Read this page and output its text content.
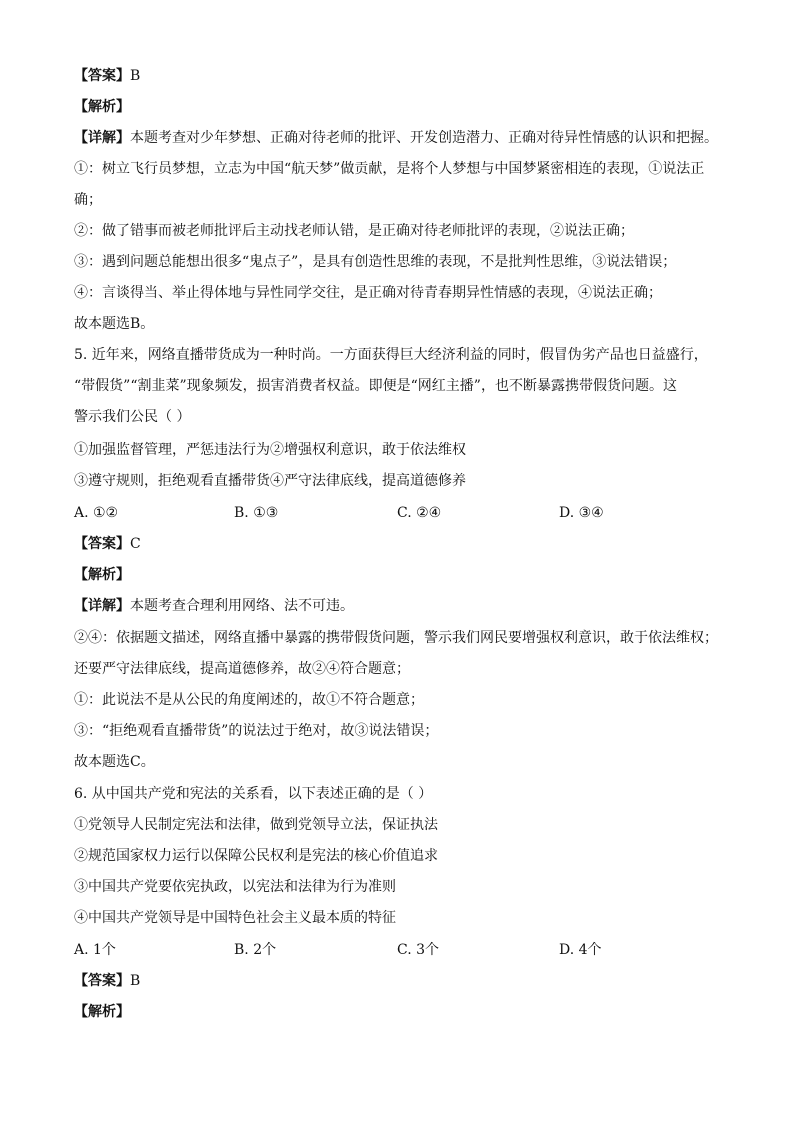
【答案】B
【解析】
【详解】本题考查对少年梦想、正确对待老师的批评、开发创造潜力、正确对待异性情感的认识和把握。
①：树立飞行员梦想，立志为中国“航天梦”做贡献，是将个人梦想与中国梦紧密相连的表现，①说法正
确；
②：做了错事而被老师批评后主动找老师认错，是正确对待老师批评的表现，②说法正确；
③：遇到问题总能想出很多“鬼点子”，是具有创造性思维的表现，不是批判性思维，③说法错误；
④：言谈得当、举止得体地与异性同学交往，是正确对待青春期异性情感的表现，④说法正确；
故本题选B。
5. 近年来，网络直播带货成为一种时尚。一方面获得巨大经济利益的同时，假冒伪劣产品也日益盛行，
“带假货”“割韭菜”现象频发，损害消费者权益。即便是“网红主播”，也不断暴露携带假货问题。这
警示我们公民（ ）
①加强监督管理，严惩违法行为②增强权利意识，敢于依法维权
③遵守规则，拒绝观看直播带货④严守法律底线，提高道德修养
A. ①②	B. ①③	C. ②④	D. ③④
【答案】C
【解析】
【详解】本题考查合理利用网络、法不可违。
②④：依据题文描述，网络直播中暴露的携带假货问题，警示我们网民要增强权利意识，敢于依法维权；
还要严守法律底线，提高道德修养，故②④符合题意；
①：此说法不是从公民的角度阐述的，故①不符合题意；
③：“拒绝观看直播带货”的说法过于绝对，故③说法错误；
故本题选C。
6. 从中国共产党和宪法的关系看，以下表述正确的是（ ）
①党领导人民制定宪法和法律，做到党领导立法，保证执法
②规范国家权力运行以保障公民权利是宪法的核心价值追求
③中国共产党要依宪执政，以宪法和法律为行为准则
④中国共产党领导是中国特色社会主义最本质的特征
A. 1个	B. 2个	C. 3个	D. 4个
【答案】B
【解析】
